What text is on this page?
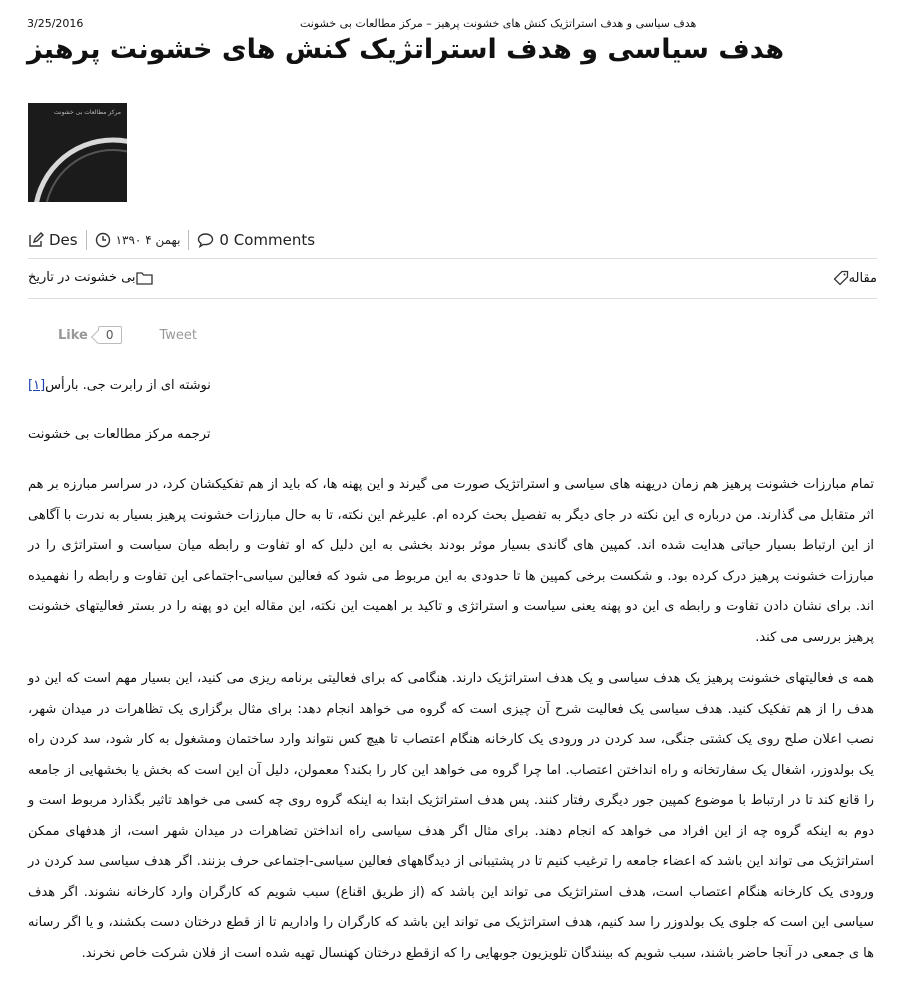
3/25/2016	هدف سیاسی و هدف استراتژیک کنش های خشونت پرهیز – مرکز مطالعات بی خشونت
هدف سیاسی و هدف استراتژیک کنش های خشونت پرهیز
مرکز مطالعات بی خشونت
Des	بهمن ۴ ۱۳۹۰	0 Comments
بی خشونت در تاریخ	مقاله
Like	0	Tweet
نوشته ای از رابرت جی. بارأس[۱]
ترجمه مرکز مطالعات بی خشونت
تمام مبارزات خشونت پرهیز هم زمان دریهنه های سیاسی و استراتژیک صورت می گیرند و این پهنه ها، که باید از هم تفکیکشان کرد، در سراسر مبارزه بر هم اثر متقابل می گذارند. من درباره ی این نکته در جای دیگر به تفصیل بحث کرده ام. علیرغم این نکته، تا به حال مبارزات خشونت پرهیز بسیار به ندرت با آگاهی از این ارتباط بسیار حیاتی هدایت شده اند. کمپین های گاندی بسیار موثر بودند بخشی به این دلیل که او تفاوت و رابطه میان سیاست و استراتژی را در مبارزات خشونت پرهیز درک کرده بود. و شکست برخی کمپین ها تا حدودی به این مربوط می شود که فعالین سیاسی-اجتماعی این تفاوت و رابطه را نفهمیده اند. برای نشان دادن تفاوت و رابطه ی این دو پهنه یعنی سیاست و استراتژی و تاکید بر اهمیت این نکته، این مقاله این دو پهنه را در بستر فعالیتهای خشونت پرهیز بررسی می کند.
همه ی فعالیتهای خشونت پرهیز یک هدف سیاسی و یک هدف استراتژیک دارند. هنگامی که برای فعالیتی برنامه ریزی می کنید، این بسیار مهم است که این دو هدف را از هم تفکیک کنید. هدف سیاسی یک فعالیت شرح آن چیزی است که گروه می خواهد انجام دهد: برای مثال برگزاری یک تظاهرات در میدان شهر، نصب اعلان صلح روی یک کشتی جنگی، سد کردن در ورودی یک کارخانه هنگام اعتصاب تا هیچ کس نتواند وارد ساختمان ومشغول به کار شود، سد کردن راه یک بولدوزر، اشغال یک سفارتخانه و راه انداختن اعتصاب. اما چرا گروه می خواهد این کار را بکند؟ معمولن، دلیل آن این است که بخش یا بخشهایی از جامعه را قانع کند تا در ارتباط با موضوع کمپین جور دیگری رفتار کنند. پس هدف استراتژیک ابتدا به اینکه گروه روی چه کسی می خواهد تاثیر بگذارد مربوط است و دوم به اینکه گروه چه از این افراد می خواهد که انجام دهند. برای مثال اگر هدف سیاسی راه انداختن تضاهرات در میدان شهر است، از هدفهای ممکن استراتژیک می تواند این باشد که اعضاء جامعه را ترغیب کنیم تا در پشتیبانی از دیدگاههای فعالین سیاسی-اجتماعی حرف بزنند. اگر هدف سیاسی سد کردن در ورودی یک کارخانه هنگام اعتصاب است، هدف استراتژیک می تواند این باشد که (از طریق اقناع) سبب شویم که کارگران وارد کارخانه نشوند. اگر هدف سیاسی این است که جلوی یک بولدوزر را سد کنیم، هدف استراتژیک می تواند این باشد که کارگران را واداریم تا از قطع درختان دست بکشند، و یا اگر رسانه ها ی جمعی در آنجا حاضر باشند، سبب شویم که بینندگان تلویزیون جوبهایی را که ازقطع درختان کهنسال تهیه شده است از فلان شرکت خاص نخرند.
